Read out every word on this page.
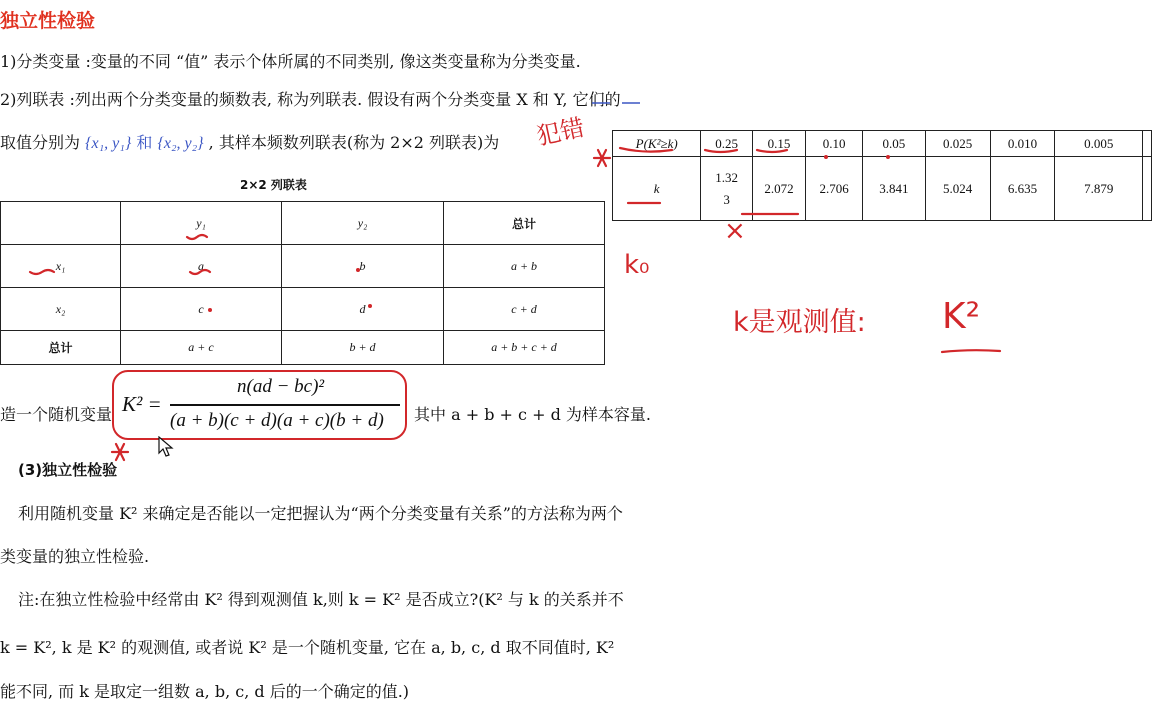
独立性检验
1)分类变量 :变量的不同 “值” 表示个体所属的不同类别, 像这类变量称为分类变量.
2)列联表 :列出两个分类变量的频数表, 称为列联表. 假设有两个分类变量 X 和 Y, 它们的
取值分别为 {x₁, y₁} 和 {x₂, y₂} , 其样本频数列联表(称为 2×2 列联表)为
2×2 列联表
	y₁	y₂	总计
x₁	a	b	a + b
x₂	c	d	c + d
总计	a + c	b + d	a + b + c + d
P(K²≥k)	0.25	0.15	0.10	0.05	0.025	0.010	0.005	
k	1.323	2.072	2.706	3.841	5.024	6.635	7.879	
造一个随机变量 K² =
n(ad − bc)²
(a + b)(c + d)(a + c)(b + d) 其中 a + b + c + d 为样本容量.
(3)独立性检验
利用随机变量 K² 来确定是否能以一定把握认为“两个分类变量有关系”的方法称为两个
类变量的独立性检验.
注:在独立性检验中经常由 K² 得到观测值 k,则 k = K² 是否成立?(K² 与 k 的关系并不
k = K², k 是 K² 的观测值, 或者说 K² 是一个随机变量, 它在 a, b, c, d 取不同值时, K²
能不同, 而 k 是取定一组数 a, b, c, d 后的一个确定的值.)
犯错
k₀
×
k是观测值: K²
